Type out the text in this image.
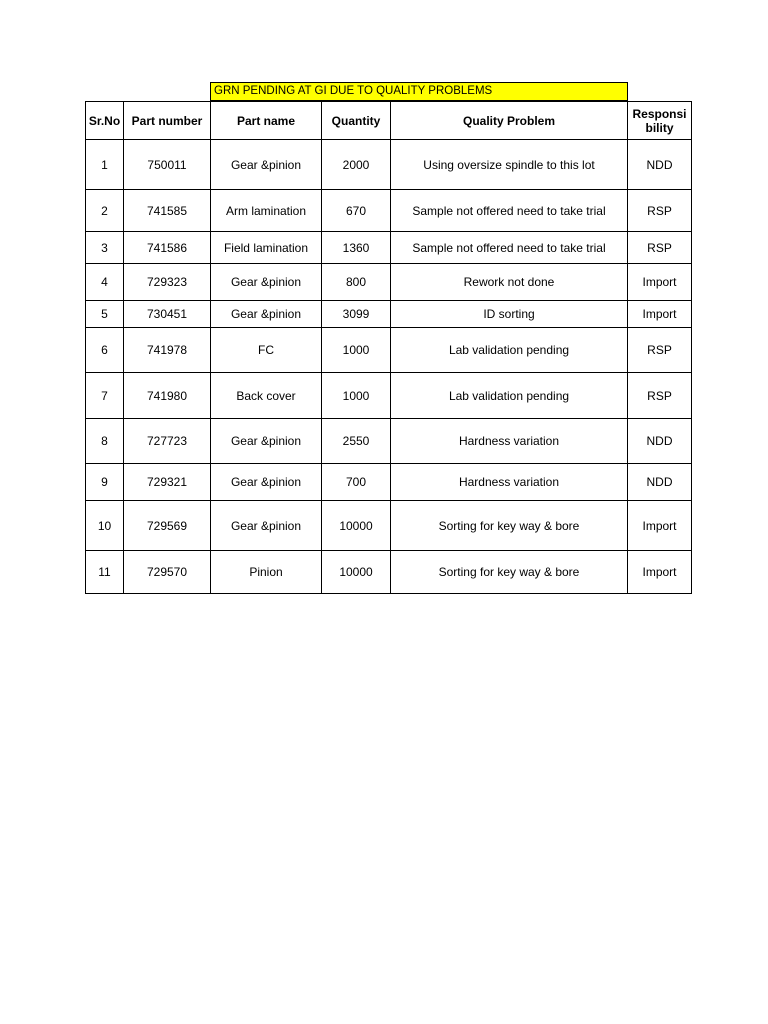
GRN PENDING AT GI DUE TO QUALITY PROBLEMS
Sr.No	Part number	Part name	Quantity	Quality Problem	Responsi bility
1	750011	Gear &pinion	2000	Using oversize spindle to this lot	NDD
2	741585	Arm lamination	670	Sample not offered need to take trial	RSP
3	741586	Field lamination	1360	Sample not offered need to take trial	RSP
4	729323	Gear &pinion	800	Rework not done	Import
5	730451	Gear &pinion	3099	ID sorting	Import
6	741978	FC	1000	Lab validation pending	RSP
7	741980	Back cover	1000	Lab validation pending	RSP
8	727723	Gear &pinion	2550	Hardness variation	NDD
9	729321	Gear &pinion	700	Hardness variation	NDD
10	729569	Gear &pinion	10000	Sorting for key way & bore	Import
11	729570	Pinion	10000	Sorting for key way & bore	Import
